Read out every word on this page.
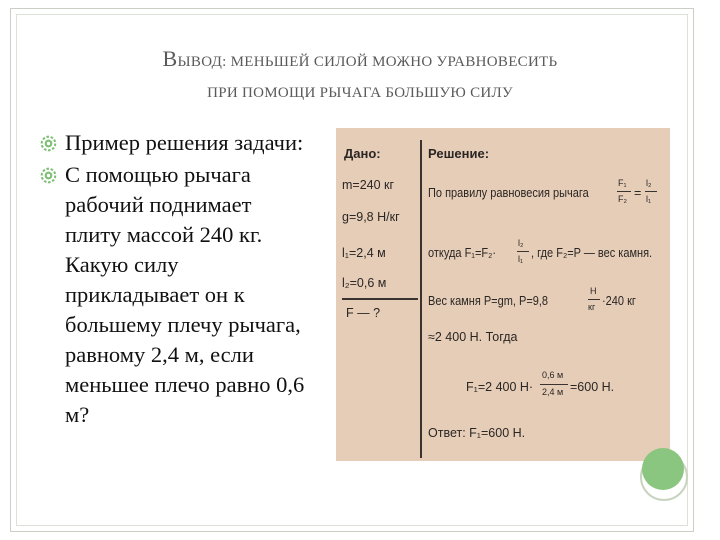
ВЫВОД: МЕНЬШЕЙ СИЛОЙ МОЖНО УРАВНОВЕСИТЬ
ПРИ ПОМОЩИ РЫЧАГА БОЛЬШУЮ СИЛУ
Пример решения задачи:
С помощью рычага рабочий поднимает плиту массой 240 кг. Какую силу прикладывает он к большему плечу рычага, равному 2,4 м, если меньшее плечо равно 0,6 м?
Дано:	Решение:
m=240 кг
g=9,8 Н/кг
l₁=2,4 м
l₂=0,6 м
F — ?
По правилу равновесия рычага
F₁
F₂ =
l₂
l₁
откуда F₁=F₂·
l₂
l₁ , где F₂=P — вес камня.
Вес камня P=gm, P=9,8
Н
кг ·240 кг
≈2 400 Н. Тогда
F₁=2 400 Н·
0,6 м
2,4 м =600 Н.
Ответ: F₁=600 Н.
